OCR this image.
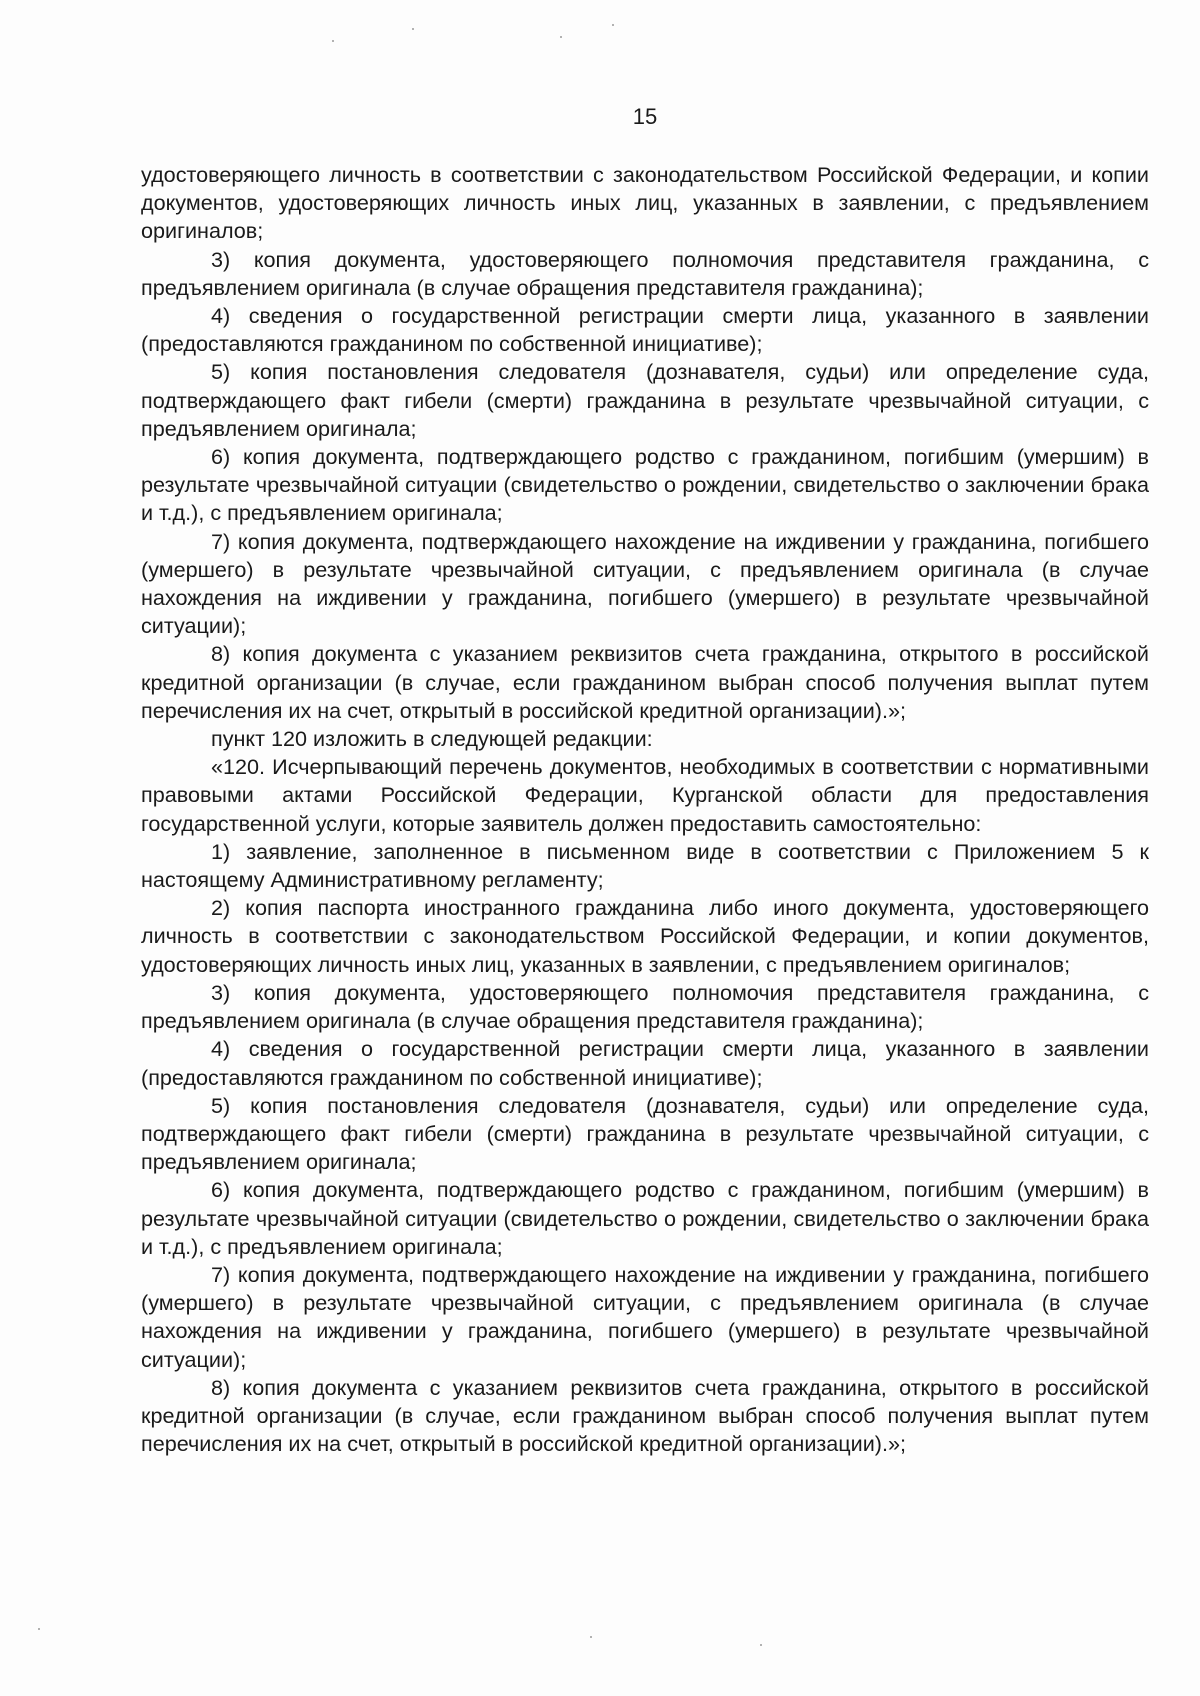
15

удостоверяющего личность в соответствии с законодательством Российской Федерации, и копии документов, удостоверяющих личность иных лиц, указанных в заявлении, с предъявлением оригиналов;

3) копия документа, удостоверяющего полномочия представителя гражданина, с предъявлением оригинала (в случае обращения представителя гражданина);

4) сведения о государственной регистрации смерти лица, указанного в заявлении (предоставляются гражданином по собственной инициативе);

5) копия постановления следователя (дознавателя, судьи) или определение суда, подтверждающего факт гибели (смерти) гражданина в результате чрезвычайной ситуации, с предъявлением оригинала;

6) копия документа, подтверждающего родство с гражданином, погибшим (умершим) в результате чрезвычайной ситуации (свидетельство о рождении, свидетельство о заключении брака и т.д.), с предъявлением оригинала;

7) копия документа, подтверждающего нахождение на иждивении у гражданина, погибшего (умершего) в результате чрезвычайной ситуации, с предъявлением оригинала (в случае нахождения на иждивении у гражданина, погибшего (умершего) в результате чрезвычайной ситуации);

8) копия документа с указанием реквизитов счета гражданина, открытого в российской кредитной организации (в случае, если гражданином выбран способ получения выплат путем перечисления их на счет, открытый в российской кредитной организации).»;

пункт 120 изложить в следующей редакции:

«120. Исчерпывающий перечень документов, необходимых в соответствии с нормативными правовыми актами Российской Федерации, Курганской области для предоставления государственной услуги, которые заявитель должен предоставить самостоятельно:

1) заявление, заполненное в письменном виде в соответствии с Приложением 5 к настоящему Административному регламенту;

2) копия паспорта иностранного гражданина либо иного документа, удостоверяющего личность в соответствии с законодательством Российской Федерации, и копии документов, удостоверяющих личность иных лиц, указанных в заявлении, с предъявлением оригиналов;

3) копия документа, удостоверяющего полномочия представителя гражданина, с предъявлением оригинала (в случае обращения представителя гражданина);

4) сведения о государственной регистрации смерти лица, указанного в заявлении (предоставляются гражданином по собственной инициативе);

5) копия постановления следователя (дознавателя, судьи) или определение суда, подтверждающего факт гибели (смерти) гражданина в результате чрезвычайной ситуации, с предъявлением оригинала;

6) копия документа, подтверждающего родство с гражданином, погибшим (умершим) в результате чрезвычайной ситуации (свидетельство о рождении, свидетельство о заключении брака и т.д.), с предъявлением оригинала;

7) копия документа, подтверждающего нахождение на иждивении у гражданина, погибшего (умершего) в результате чрезвычайной ситуации, с предъявлением оригинала (в случае нахождения на иждивении у гражданина, погибшего (умершего) в результате чрезвычайной ситуации);

8) копия документа с указанием реквизитов счета гражданина, открытого в российской кредитной организации (в случае, если гражданином выбран способ получения выплат путем перечисления их на счет, открытый в российской кредитной организации).»;
